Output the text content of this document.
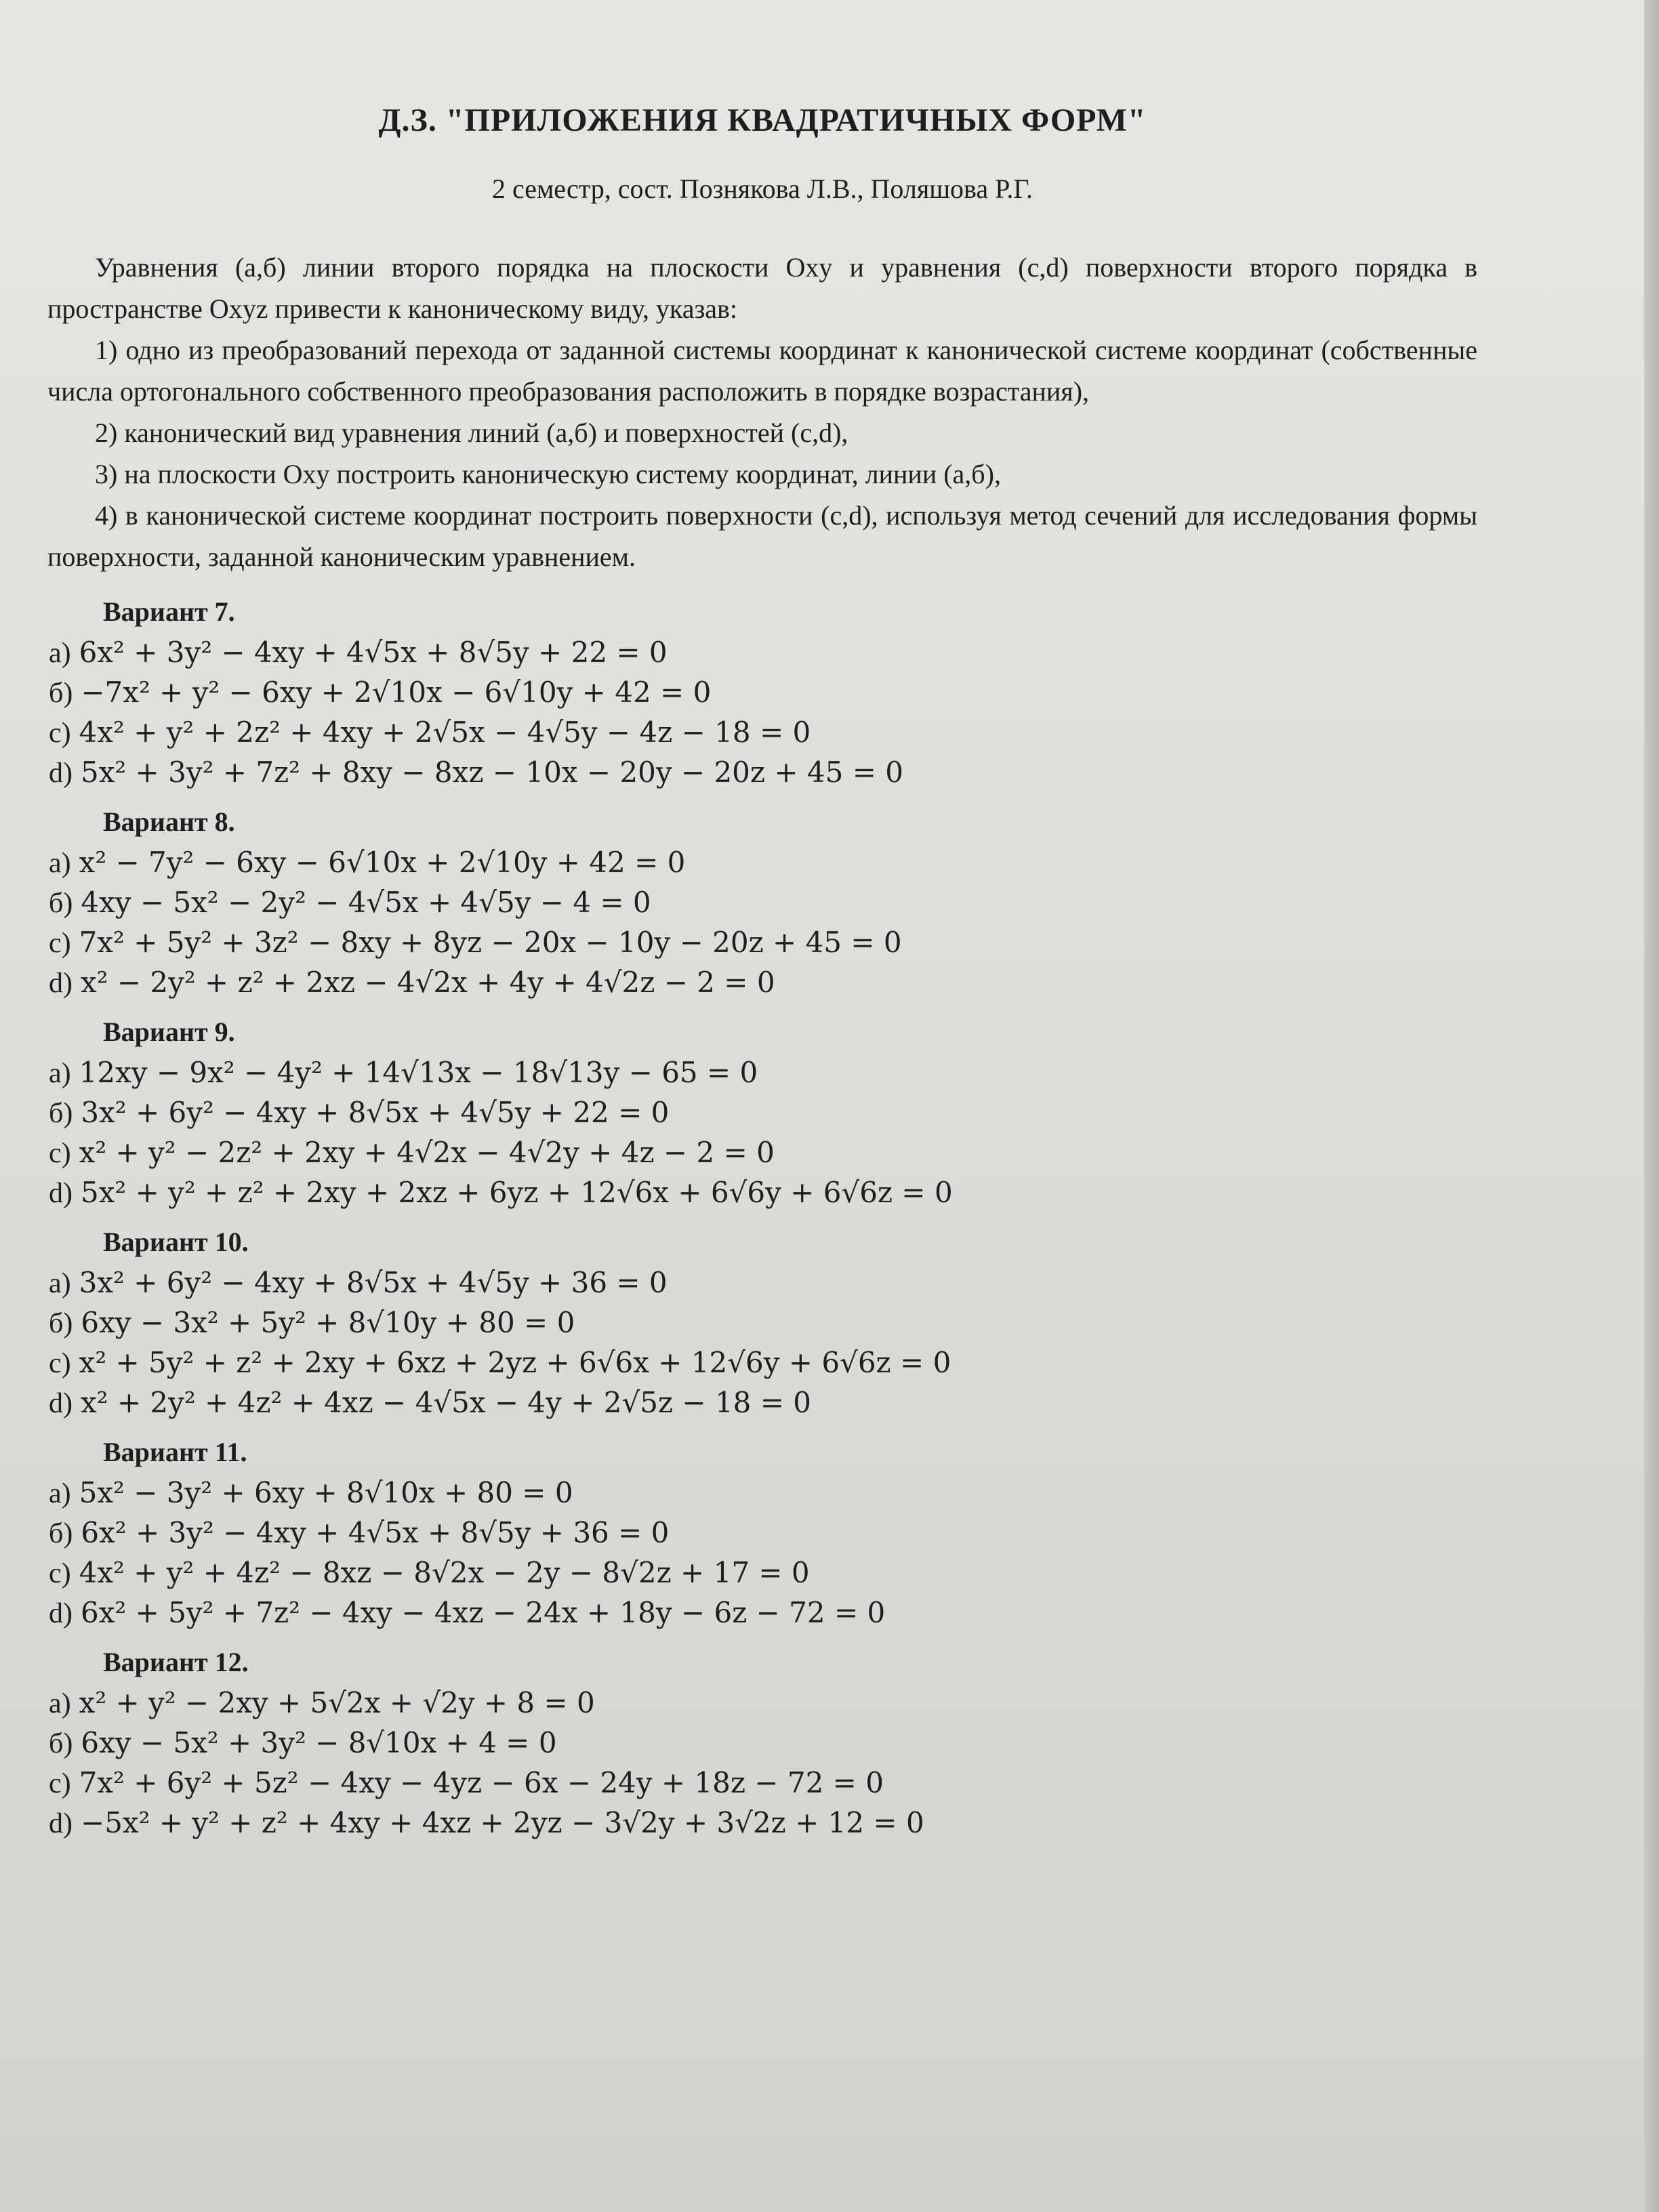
Д.З. "ПРИЛОЖЕНИЯ КВАДРАТИЧНЫХ ФОРМ"
2 семестр, сост. Познякова Л.В., Поляшова Р.Г.

Уравнения (а,б) линии второго порядка на плоскости Oxy и уравнения (c,d) поверхности второго порядка в пространстве Oxyz привести к каноническому виду, указав:

1) одно из преобразований перехода от заданной системы координат к канонической системе координат (собственные числа ортогонального собственного преобразования расположить в порядке возрастания),

2) канонический вид уравнения линий (а,б) и поверхностей (c,d),

3) на плоскости Oxy построить каноническую систему координат, линии (а,б),

4) в канонической системе координат построить поверхности (c,d), используя метод сечений для исследования формы поверхности, заданной каноническим уравнением.

Вариант 7.
а) 6x² + 3y² − 4xy + 4√5x + 8√5y + 22 = 0
б) −7x² + y² − 6xy + 2√10x − 6√10y + 42 = 0
c) 4x² + y² + 2z² + 4xy + 2√5x − 4√5y − 4z − 18 = 0
d) 5x² + 3y² + 7z² + 8xy − 8xz − 10x − 20y − 20z + 45 = 0
Вариант 8.
а) x² − 7y² − 6xy − 6√10x + 2√10y + 42 = 0
б) 4xy − 5x² − 2y² − 4√5x + 4√5y − 4 = 0
c) 7x² + 5y² + 3z² − 8xy + 8yz − 20x − 10y − 20z + 45 = 0
d) x² − 2y² + z² + 2xz − 4√2x + 4y + 4√2z − 2 = 0
Вариант 9.
а) 12xy − 9x² − 4y² + 14√13x − 18√13y − 65 = 0
б) 3x² + 6y² − 4xy + 8√5x + 4√5y + 22 = 0
c) x² + y² − 2z² + 2xy + 4√2x − 4√2y + 4z − 2 = 0
d) 5x² + y² + z² + 2xy + 2xz + 6yz + 12√6x + 6√6y + 6√6z = 0
Вариант 10.
а) 3x² + 6y² − 4xy + 8√5x + 4√5y + 36 = 0
б) 6xy − 3x² + 5y² + 8√10y + 80 = 0
c) x² + 5y² + z² + 2xy + 6xz + 2yz + 6√6x + 12√6y + 6√6z = 0
d) x² + 2y² + 4z² + 4xz − 4√5x − 4y + 2√5z − 18 = 0
Вариант 11.
а) 5x² − 3y² + 6xy + 8√10x + 80 = 0
б) 6x² + 3y² − 4xy + 4√5x + 8√5y + 36 = 0
c) 4x² + y² + 4z² − 8xz − 8√2x − 2y − 8√2z + 17 = 0
d) 6x² + 5y² + 7z² − 4xy − 4xz − 24x + 18y − 6z − 72 = 0
Вариант 12.
а) x² + y² − 2xy + 5√2x + √2y + 8 = 0
б) 6xy − 5x² + 3y² − 8√10x + 4 = 0
c) 7x² + 6y² + 5z² − 4xy − 4yz − 6x − 24y + 18z − 72 = 0
d) −5x² + y² + z² + 4xy + 4xz + 2yz − 3√2y + 3√2z + 12 = 0
